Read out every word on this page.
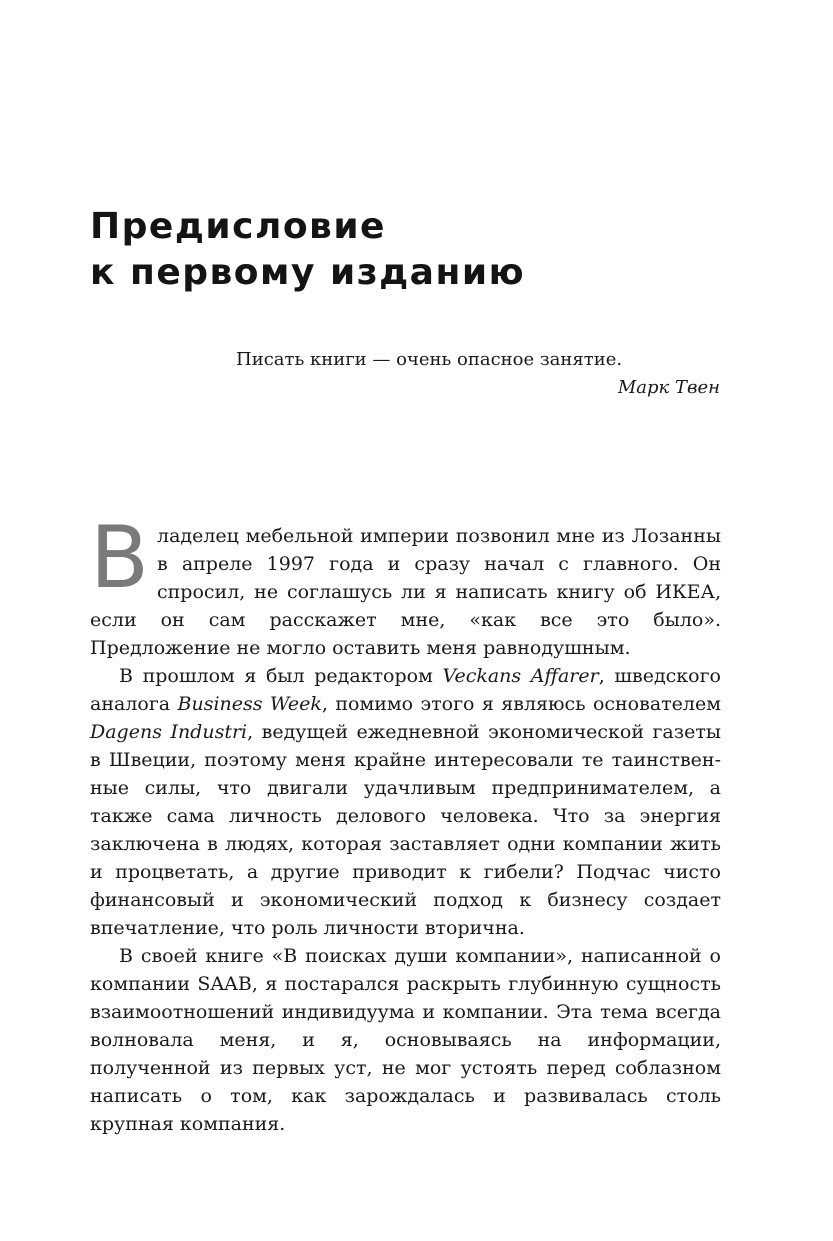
Предисловие
к первому изданию
Писать книги — очень опасное занятие.
Марк Твен

Владелец мебельной империи позвонил мне из Лозанны в апреле 1997 года и сразу начал с главного. Он спросил, не соглашусь ли я написать книгу об ИКЕА, если он сам расскажет мне, «как все это было». Предложение не могло оставить меня равнодушным.

В прошлом я был редактором Veckans Affarer, шведского аналога Business Week, помимо этого я являюсь основателем Dagens Industri, ведущей ежедневной экономической газеты в Швеции, поэтому меня крайне интересовали те таинственные силы, что двигали удачливым предпринимателем, а также сама личность делового человека. Что за энергия заключена в людях, которая заставляет одни компании жить и процветать, а другие приводит к гибели? Подчас чисто финансовый и экономический подход к бизнесу создает впечатление, что роль личности вторична.

В своей книге «В поисках души компании», написанной о компании SAAB, я постарался раскрыть глубинную сущность взаимоотношений индивидуума и компании. Эта тема всегда волновала меня, и я, основываясь на информации, полученной из первых уст, не мог устоять перед соблазном написать о том, как зарождалась и развивалась столь крупная компания.
